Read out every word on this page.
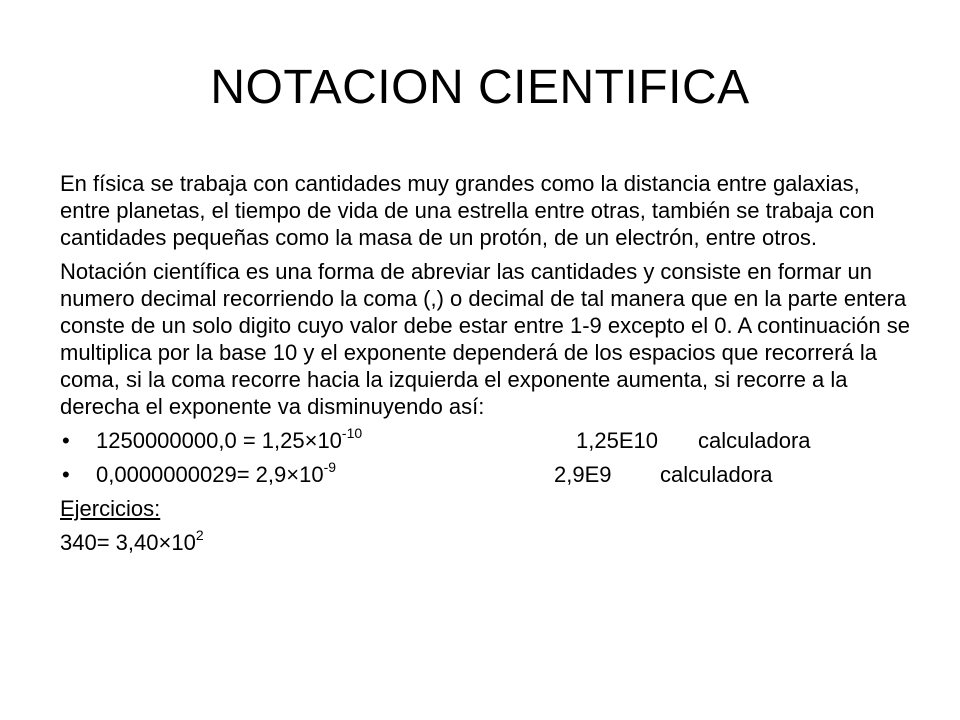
NOTACION CIENTIFICA

En física se trabaja con cantidades muy grandes como la distancia entre galaxias, entre planetas, el tiempo de vida de una estrella entre otras, también se trabaja con cantidades pequeñas como la masa de un protón, de un electrón, entre otros.

Notación científica es una forma de abreviar las cantidades y consiste en formar un numero decimal recorriendo la coma (,) o decimal de tal manera que en la parte entera conste de un solo digito cuyo valor debe estar entre 1-9 excepto el 0. A continuación se multiplica por la base 10 y el exponente dependerá de los espacios que recorrerá la coma, si la coma recorre hacia la izquierda el exponente aumenta, si recorre a la derecha el exponente va disminuyendo así:

• $1250000000,0 = 1,25\times 10^{-10}$	1,25E10 calculadora
• $0,0000000029= 2,9\times 10^{-9}$	2,9E9 calculadora
Ejercicios:
$340= 3,40\times 10^2$
